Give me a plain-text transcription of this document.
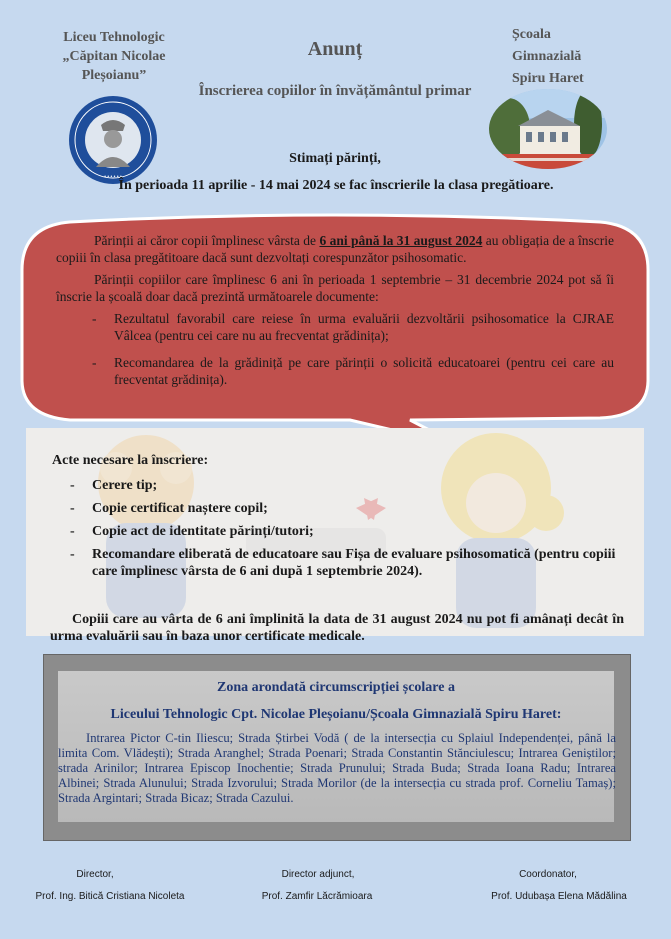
Liceu Tehnologic
„Căpitan Nicolae
Pleșoianu”
• • • • • •
Anunț
Înscrierea copiilor în învățământul primar
Școala
Gimnazială
Spiru Haret
Stimați părinți,
În perioada 11 aprilie - 14 mai 2024 se fac înscrierile la clasa pregătioare.

Părinții ai căror copii împlinesc vârsta de 6 ani până la 31 august 2024 au obligația de a înscrie copiii în clasa pregătitoare dacă sunt dezvoltați corespunzător psihosomatic.

Părinții copiilor care împlinesc 6 ani în perioada 1 septembrie – 31 decembrie 2024 pot să îi înscrie la școală doar dacă prezintă următoarele documente:

- Rezultatul favorabil care reiese în urma evaluării dezvoltării psihosomatice la CJRAE Vâlcea (pentru cei care nu au frecventat grădinița);
- Recomandarea de la grădiniță pe care părinții o solicită educatoarei (pentru cei care au frecventat grădinița).
Acte necesare la înscriere:
- Cerere tip;
- Copie certificat naștere copil;
- Copie act de identitate părinți/tutori;
- Recomandare eliberată de educatoare sau Fișa de evaluare psihosomatică (pentru copiii care împlinesc vârsta de 6 ani după 1 septembrie 2024).
Copiii care au vârta de 6 ani împlinită la data de 31 august 2024 nu pot fi amânați decât în urma evaluării sau în baza unor certificate medicale.
Zona arondată circumscripției școlare a
Liceului Tehnologic Cpt. Nicolae Pleșoianu/Școala Gimnazială Spiru Haret:
Intrarea Pictor C-tin Iliescu; Strada Știrbei Vodă ( de la intersecția cu Splaiul Independenței, până la limita Com. Vlădești); Strada Aranghel; Strada Poenari; Strada Constantin Stănciulescu; Intrarea Geniștilor; strada Arinilor; Intrarea Episcop Inochentie; Strada Prunului; Strada Buda; Strada Ioana Radu; Intrarea Albinei; Strada Alunului; Strada Izvorului; Strada Morilor (de la intersecția cu strada prof. Corneliu Tamaș); Strada Argintari; Strada Bicaz; Strada Cazului.
Director,
Prof. Ing. Bitică Cristiana Nicoleta
Director adjunct,
Prof. Zamfir Lăcrămioara
Coordonator,
Prof. Udubașa Elena Mădălina
